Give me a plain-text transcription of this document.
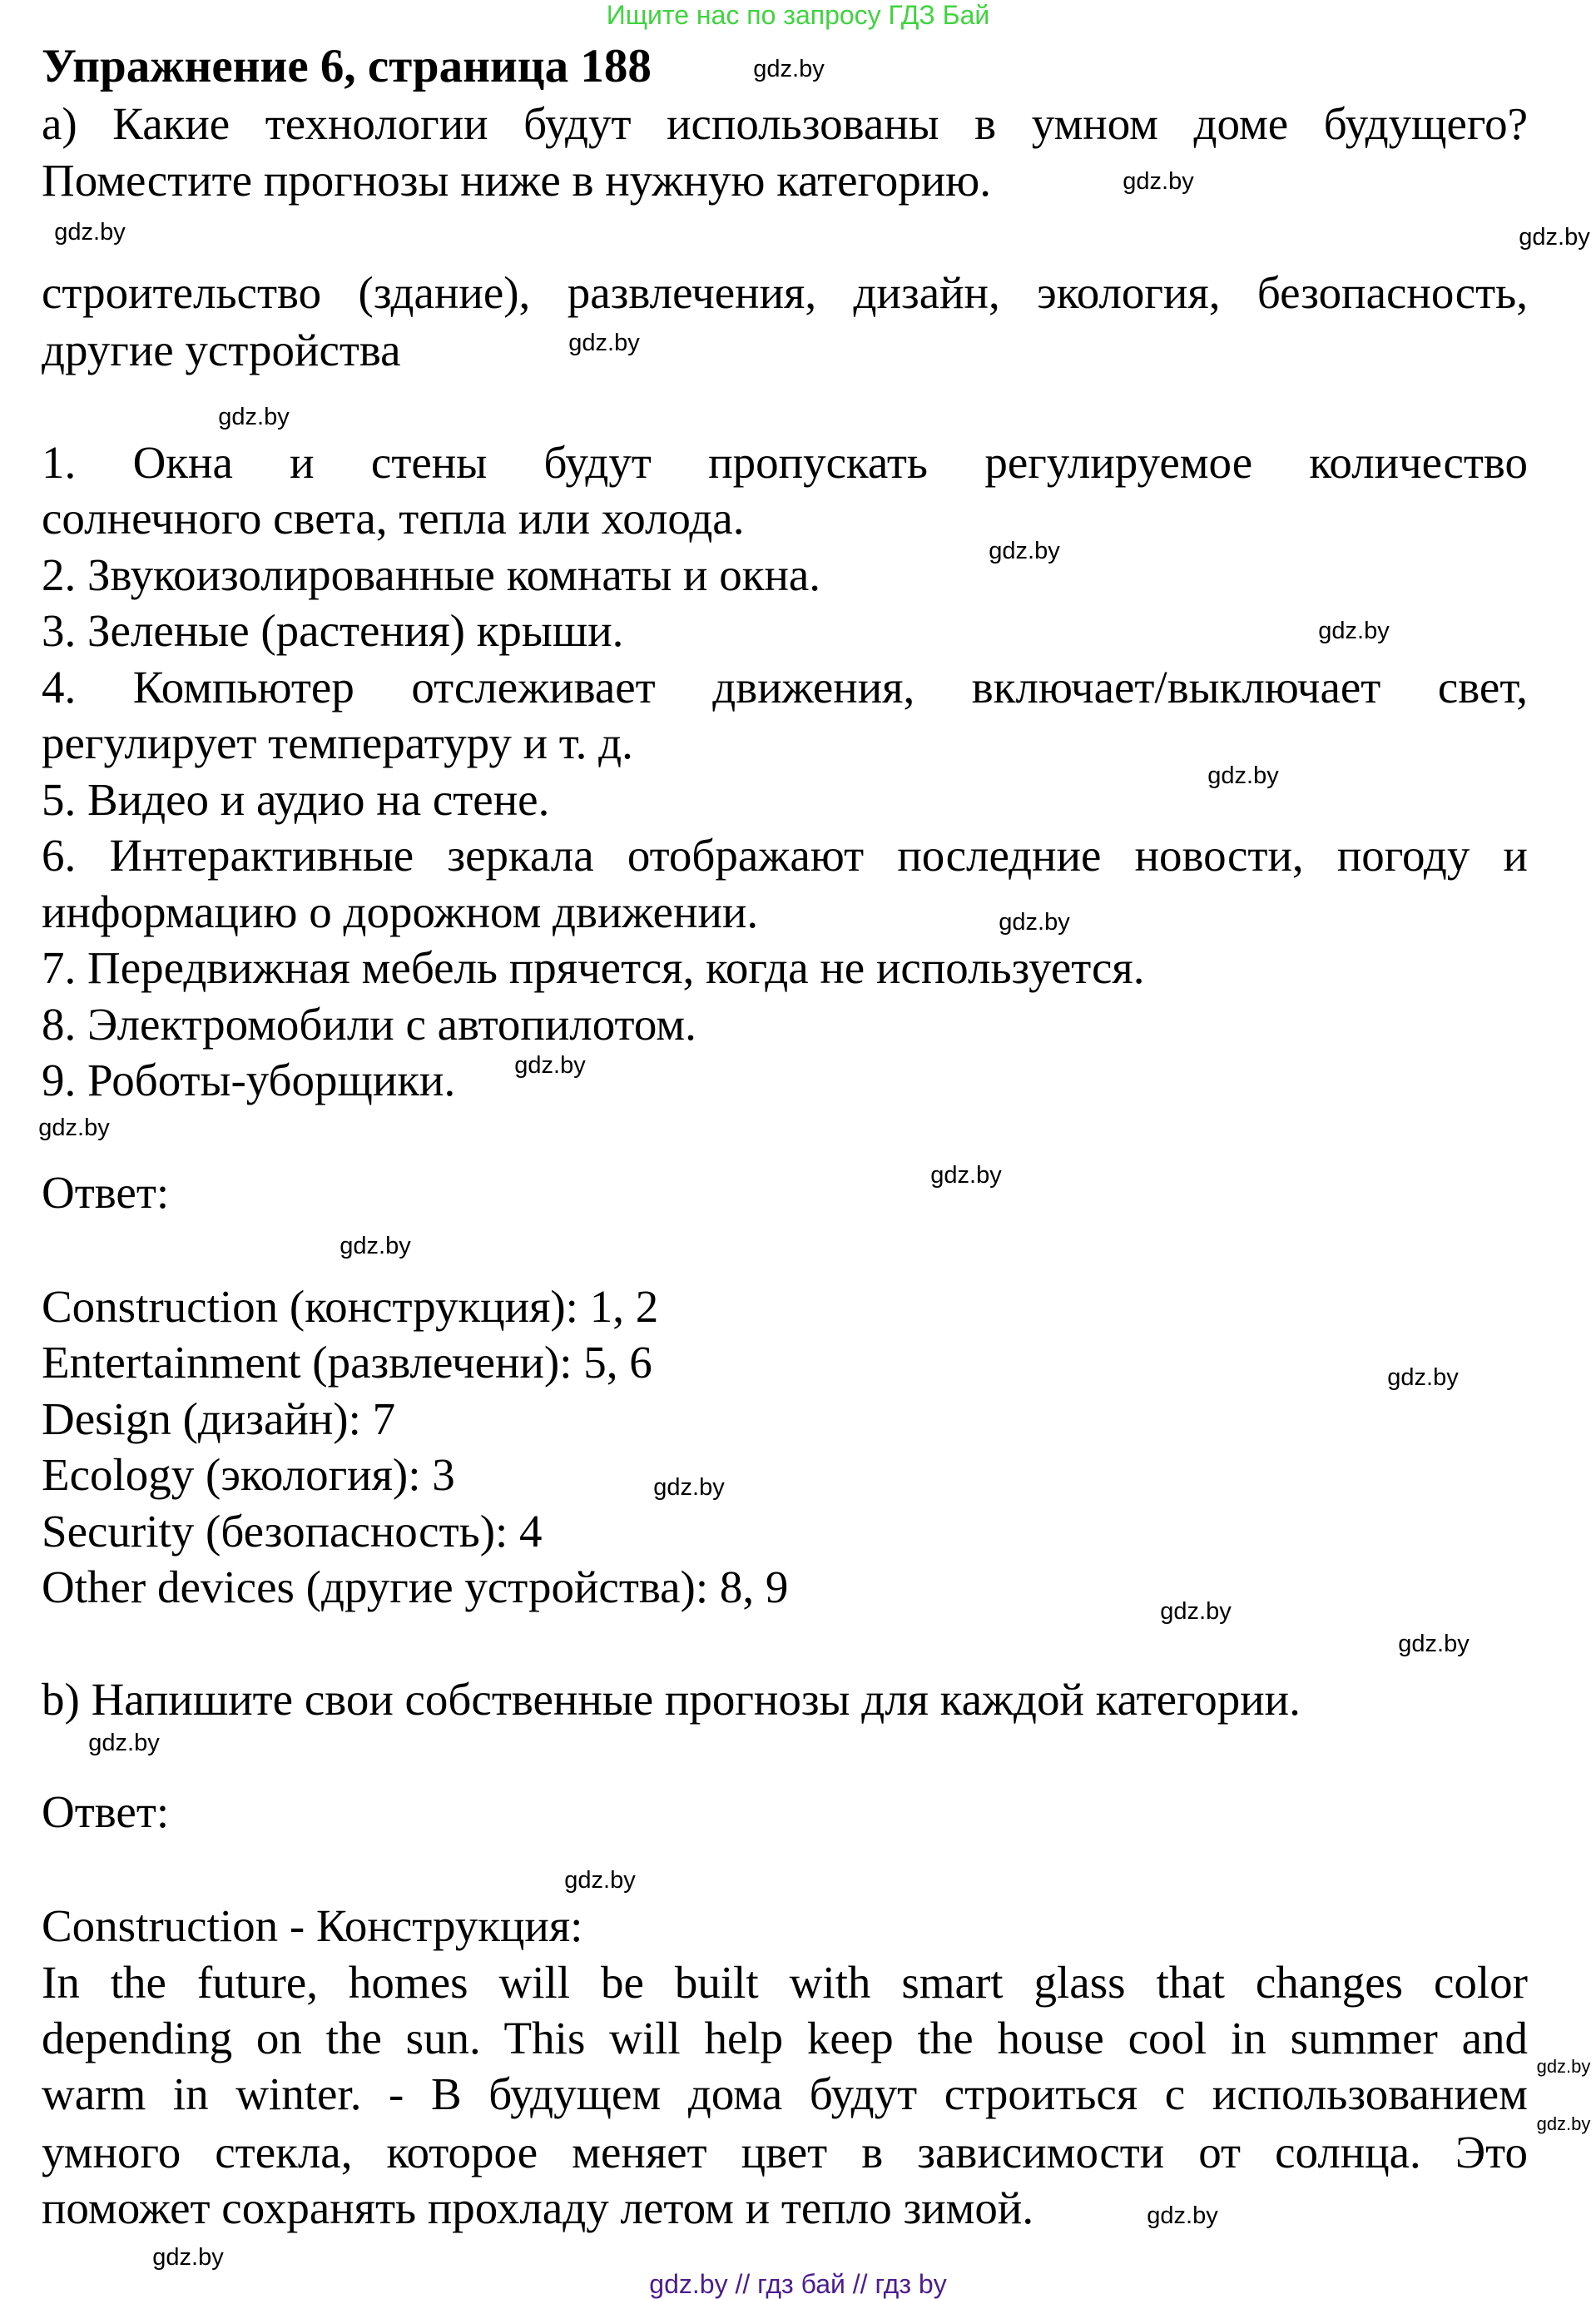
Ищите нас по запросу ГДЗ Бай
Упражнение 6, страница 188
а) Какие технологии будут использованы в умном доме будущего?
Поместите прогнозы ниже в нужную категорию.
строительство (здание), развлечения, дизайн, экология, безопасность,
другие устройства
1. Окна и стены будут пропускать регулируемое количество
солнечного света, тепла или холода.
2. Звукоизолированные комнаты и окна.
3. Зеленые (растения) крыши.
4. Компьютер отслеживает движения, включает/выключает свет,
регулирует температуру и т. д.
5. Видео и аудио на стене.
6. Интерактивные зеркала отображают последние новости, погоду и
информацию о дорожном движении.
7. Передвижная мебель прячется, когда не используется.
8. Электромобили с автопилотом.
9. Роботы-уборщики.
Ответ:
Construction (конструкция): 1, 2
Entertainment (развлечени): 5, 6
Design (дизайн): 7
Ecology (экология): 3
Security (безопасность): 4
Other devices (другие устройства): 8, 9
b) Напишите свои собственные прогнозы для каждой категории.
Ответ:
Construction - Конструкция:
In the future, homes will be built with smart glass that changes color
depending on the sun. This will help keep the house cool in summer and
warm in winter. - В будущем дома будут строиться с использованием
умного стекла, которое меняет цвет в зависимости от солнца. Это
поможет сохранять прохладу летом и тепло зимой.
gdz.by
gdz.by
gdz.by	gdz.by
gdz.by
gdz.by
gdz.by
gdz.by
gdz.by
gdz.by
gdz.by
gdz.by
gdz.by
gdz.by
gdz.by
gdz.by
gdz.by
gdz.by
gdz.by
gdz.by
gdz.by
gdz.by
gdz.by
gdz.by
gdz.by // гдз бай // гдз by
